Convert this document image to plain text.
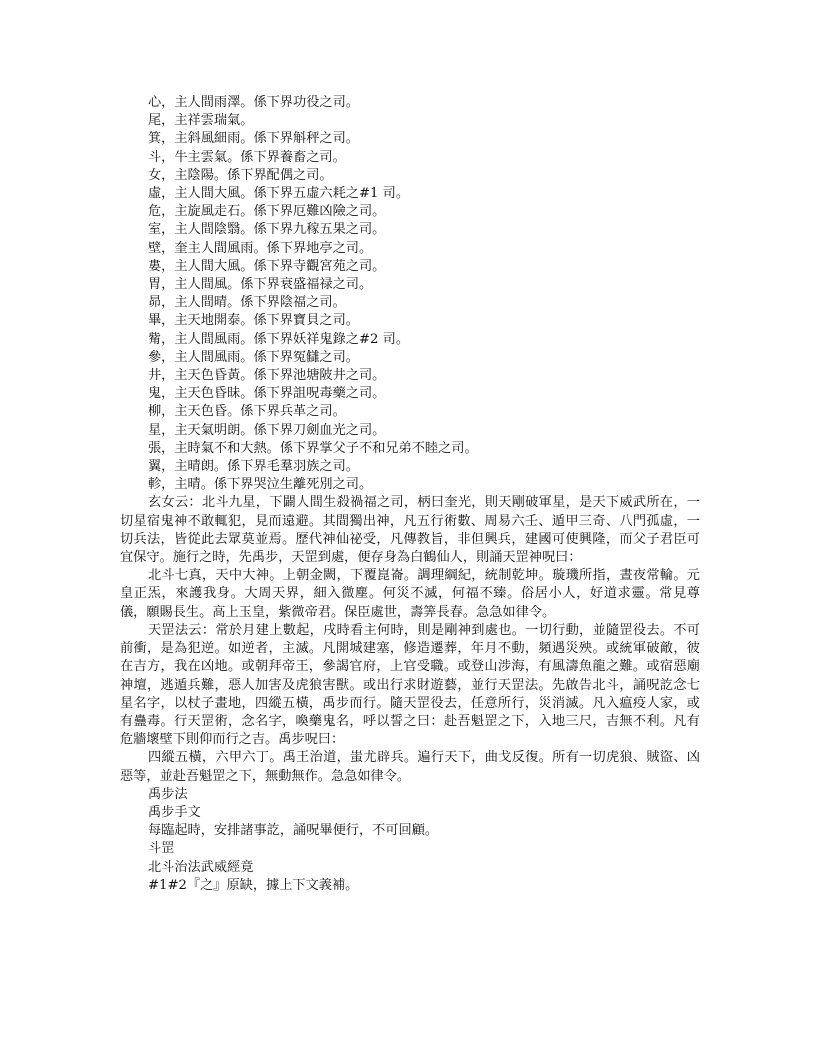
心，主人間雨澤。係下界功役之司。

尾，主祥雲瑞氣。

箕，主斜風細雨。係下界斛秤之司。

斗，牛主雲氣。係下界養畜之司。

女，主陰陽。係下界配偶之司。

虛，主人間大風。係下界五虛六耗之#1 司。

危，主旋風走石。係下界厄難凶險之司。

室，主人間陰翳。係下界九稼五果之司。

壁，奎主人間風雨。係下界地亭之司。

婁，主人間大風。係下界寺觀宮苑之司。

胃，主人間風。係下界衰盛福禄之司。

昴，主人間晴。係下界陰福之司。

畢，主天地開泰。係下界寶貝之司。

觜，主人間風雨。係下界妖祥鬼錄之#2 司。

參，主人間風雨。係下界冤讎之司。

井，主天色昏黃。係下界池塘陂井之司。

鬼，主天色昏昧。係下界詛呪毒藥之司。

柳，主天色昏。係下界兵革之司。

星，主天氣明朗。係下界刀劍血光之司。

張，主時氣不和大熱。係下界掌父子不和兄弟不睦之司。

翼，主晴朗。係下界毛羣羽族之司。

軫，主晴。係下界哭泣生離死別之司。

玄女云：北斗九星，下闢人間生殺禍福之司，柄曰奎光，則天剛破軍星，是天下威武所在，一切星宿鬼神不敢輒犯，見而遠避。其間獨出神，凡五行術數、周易六壬、遁甲三奇、八門孤虛，一切兵法，皆從此去眾莫並焉。歷代神仙祕受，凡傳教旨，非但興兵，建國可使興隆，而父子君臣可宜保守。施行之時，先禹步，天罡到處，便存身為白鶴仙人，則誦天罡神呪曰：

北斗七真，天中大神。上朝金闕，下覆崑崙。調理綱紀，統制乾坤。璇璣所指，晝夜常輪。元皇正炁，來護我身。大周天界，細入微塵。何災不滅，何福不臻。俗居小人，好道求靈。常見尊儀，願賜長生。高上玉皇，紫微帝君。保臣處世，壽筭長春。急急如律令。

天罡法云：常於月建上數起，戌時看主何時，則是剛神到處也。一切行動，並隨罡役去。不可前衝，是為犯逆。如逆者，主滅。凡開城建塞，修造遷葬，年月不動，頻遇災殃。或統軍破敵，彼在吉方，我在凶地。或朝拜帝王，參謁官府，上官受職。或登山涉海，有風濤魚龍之難。或宿惡廟神壇，逃遁兵難，惡人加害及虎狼害獸。或出行求財遊藝，並行天罡法。先啟告北斗，誦呪訖念七星名字，以杖子畫地，四縱五橫，禹步而行。隨天罡役去，任意所行，災消滅。凡入瘟疫人家，或有蠱毒。行天罡術，念名字，喚藥鬼名，呼以誓之曰：赴吾魁罡之下，入地三尺，吉無不利。凡有危牆壞壁下則仰而行之吉。禹步呪曰：

四縱五橫，六甲六丁。禹王治道，蚩尤辟兵。遍行天下，曲戈反復。所有一切虎狼、賊盜、凶惡等，並赴吾魁罡之下，無動無作。急急如律令。

禹步法

禹步手文

每臨起時，安排諸事訖，誦呪畢便行，不可回顧。

斗罡

北斗治法武威經竟

#1#2『之』原缺，據上下文義補。
